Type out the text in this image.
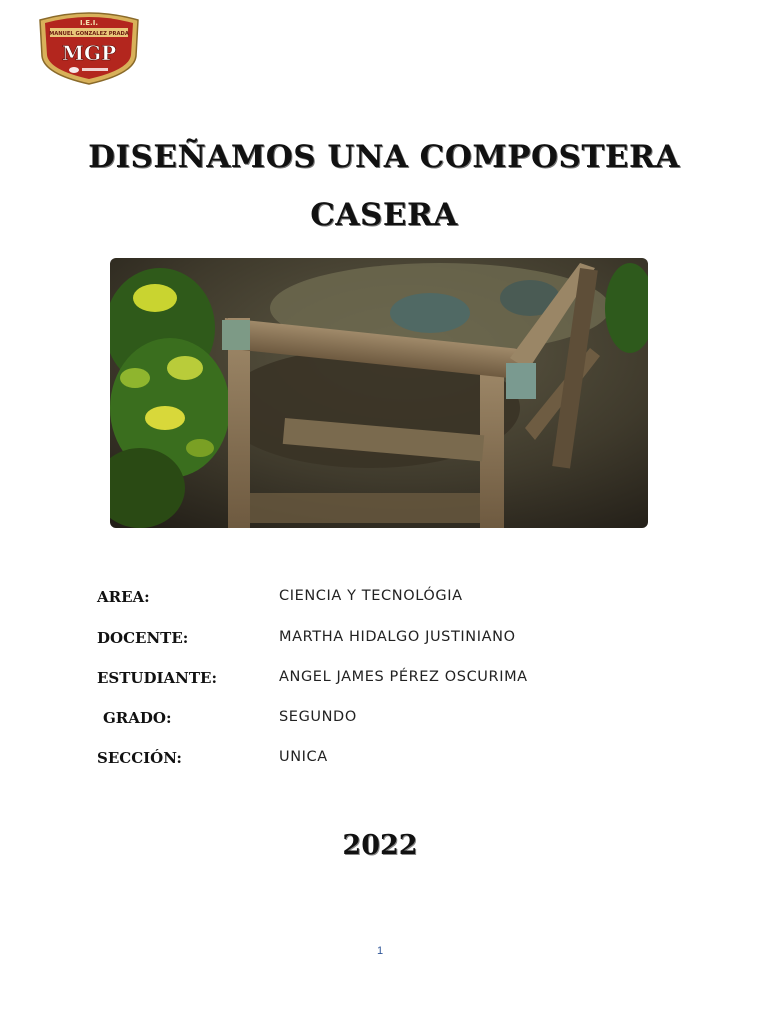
I.E.I.
MANUEL GONZALEZ PRADA
MGP
DISEÑAMOS UNA COMPOSTERA
CASERA
AREA:	CIENCIA Y TECNOLÓGIA
DOCENTE:	MARTHA HIDALGO JUSTINIANO
ESTUDIANTE:	ANGEL JAMES PÉREZ OSCURIMA
GRADO:	SEGUNDO
SECCIÓN:	UNICA
2022
1
